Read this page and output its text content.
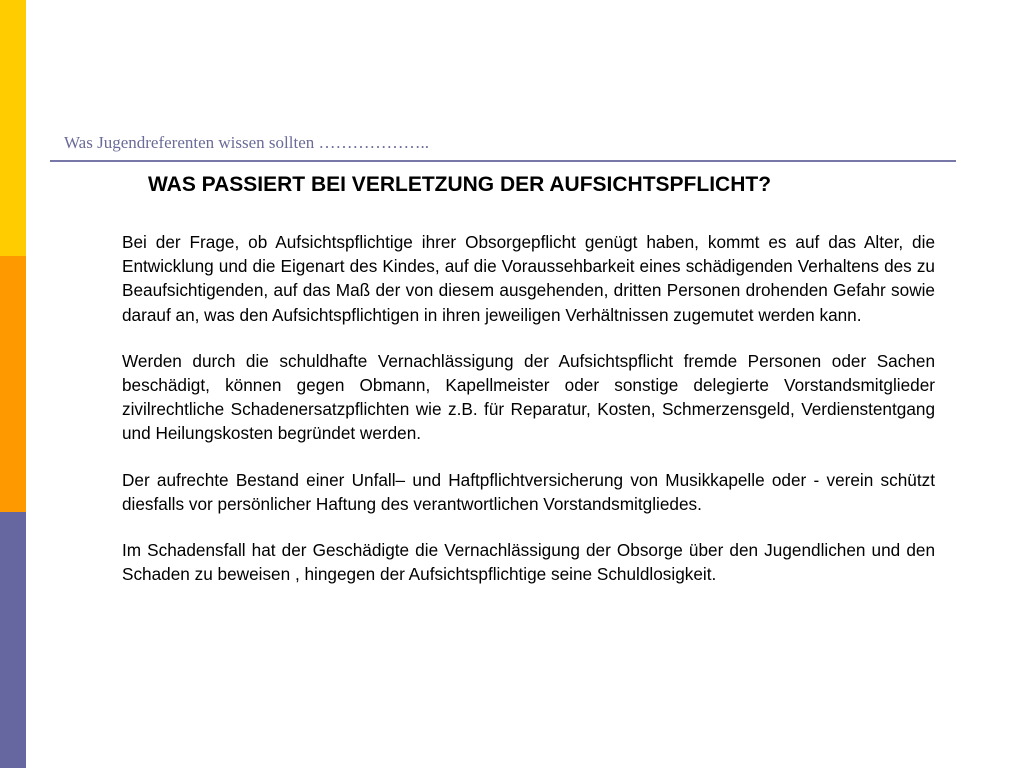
Was Jugendreferenten wissen sollten ………………..
WAS PASSIERT BEI VERLETZUNG DER AUFSICHTSPFLICHT?

Bei der Frage, ob Aufsichtspflichtige ihrer Obsorgepflicht genügt haben, kommt es auf das Alter, die Entwicklung und die Eigenart des Kindes, auf die Voraussehbarkeit eines schädigenden Verhaltens des zu Beaufsichtigenden, auf das Maß der von diesem ausgehenden, dritten Personen drohenden Gefahr sowie darauf an, was den Aufsichtspflichtigen in ihren jeweiligen Verhältnissen zugemutet werden kann.

Werden durch die schuldhafte Vernachlässigung der Aufsichtspflicht fremde Personen oder Sachen beschädigt, können gegen Obmann, Kapellmeister oder sonstige delegierte Vorstandsmitglieder zivilrechtliche Schadenersatzpflichten wie z.B. für Reparatur, Kosten, Schmerzensgeld, Verdienstentgang und Heilungskosten begründet werden.

Der aufrechte Bestand einer Unfall– und Haftpflichtversicherung von Musikkapelle oder - verein schützt diesfalls vor persönlicher Haftung des verantwortlichen Vorstandsmitgliedes.

Im Schadensfall hat der Geschädigte die Vernachlässigung der Obsorge über den Jugendlichen und den Schaden zu beweisen , hingegen der Aufsichtspflichtige seine Schuldlosigkeit.
